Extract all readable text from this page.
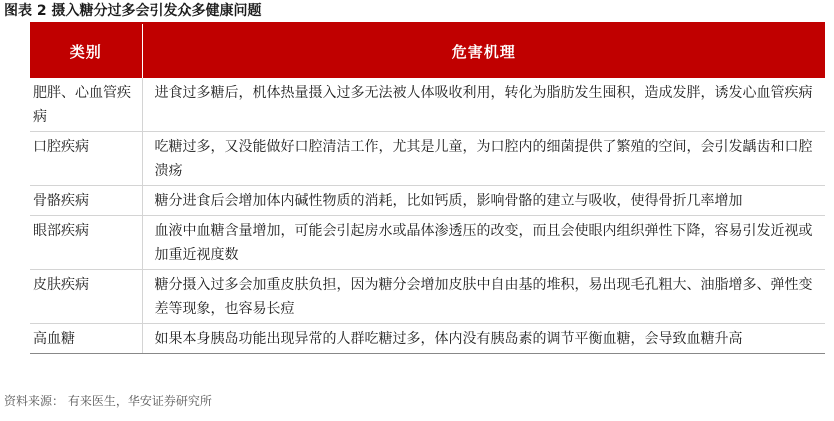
图表 2 摄入糖分过多会引发众多健康问题
类别	危害机理
肥胖、心血管疾病	进食过多糖后，机体热量摄入过多无法被人体吸收利用，转化为脂肪发生囤积，造成发胖，诱发心血管疾病
口腔疾病	吃糖过多，又没能做好口腔清洁工作，尤其是儿童，为口腔内的细菌提供了繁殖的空间，会引发龋齿和口腔溃疡
骨骼疾病	糖分进食后会增加体内碱性物质的消耗，比如钙质，影响骨骼的建立与吸收，使得骨折几率增加
眼部疾病	血液中血糖含量增加，可能会引起房水或晶体渗透压的改变，而且会使眼内组织弹性下降，容易引发近视或加重近视度数
皮肤疾病	糖分摄入过多会加重皮肤负担，因为糖分会增加皮肤中自由基的堆积，易出现毛孔粗大、油脂增多、弹性变差等现象，也容易长痘
高血糖	如果本身胰岛功能出现异常的人群吃糖过多，体内没有胰岛素的调节平衡血糖，会导致血糖升高
资料来源： 有来医生，华安证券研究所
